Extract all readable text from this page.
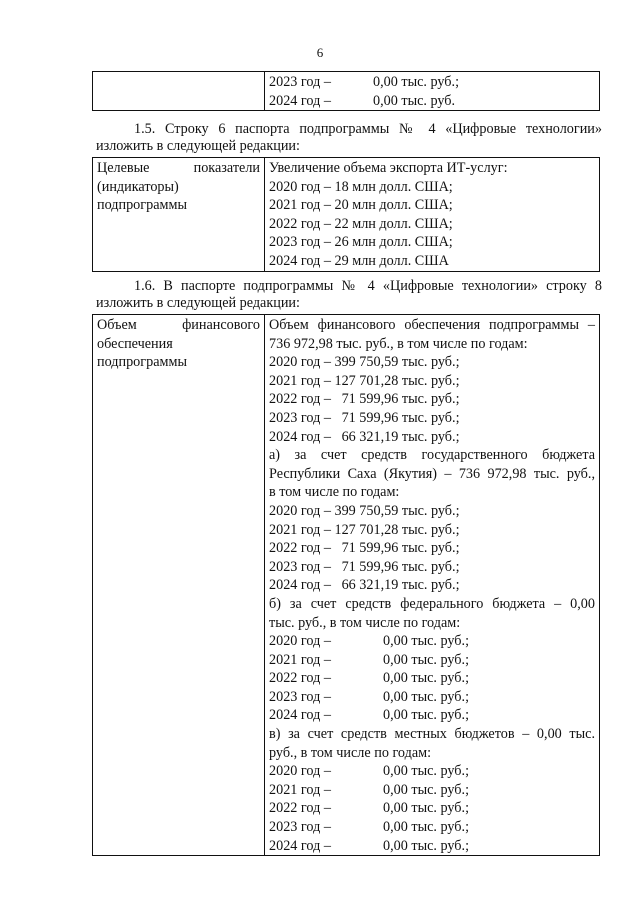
6

2023 год –	0,00 тыс. руб.;
2024 год –	0,00 тыс. руб.
1.5. Строку 6 паспорта подпрограммы № 4 «Цифровые технологии»
изложить в следующей редакции:
Целевые	показатели
(индикаторы)
подпрограммы

Увеличение объема экспорта ИТ-услуг:
2020 год – 18 млн долл. США;
2021 год – 20 млн долл. США;
2022 год – 22 млн долл. США;
2023 год – 26 млн долл. США;
2024 год – 29 млн долл. США
1.6. В паспорте подпрограммы № 4 «Цифровые технологии» строку 8
изложить в следующей редакции:
Объем	финансового
обеспечения
подпрограммы

Объем финансового обеспечения подпрограммы –
736 972,98 тыс. руб., в том числе по годам:
2020 год – 399 750,59 тыс. руб.;
2021 год – 127 701,28 тыс. руб.;
2022 год –   71 599,96 тыс. руб.;
2023 год –   71 599,96 тыс. руб.;
2024 год –   66 321,19 тыс. руб.;
а) за счет средств государственного бюджета
Республики Саха (Якутия) – 736 972,98 тыс. руб.,
в том числе по годам:
2020 год – 399 750,59 тыс. руб.;
2021 год – 127 701,28 тыс. руб.;
2022 год –   71 599,96 тыс. руб.;
2023 год –   71 599,96 тыс. руб.;
2024 год –   66 321,19 тыс. руб.;
б) за счет средств федерального бюджета – 0,00
тыс. руб., в том числе по годам:
2020 год –	0,00 тыс. руб.;
2021 год –	0,00 тыс. руб.;
2022 год –	0,00 тыс. руб.;
2023 год –	0,00 тыс. руб.;
2024 год –	0,00 тыс. руб.;
в) за счет средств местных бюджетов – 0,00 тыс.
руб., в том числе по годам:
2020 год –	0,00 тыс. руб.;
2021 год –	0,00 тыс. руб.;
2022 год –	0,00 тыс. руб.;
2023 год –	0,00 тыс. руб.;
2024 год –	0,00 тыс. руб.;
